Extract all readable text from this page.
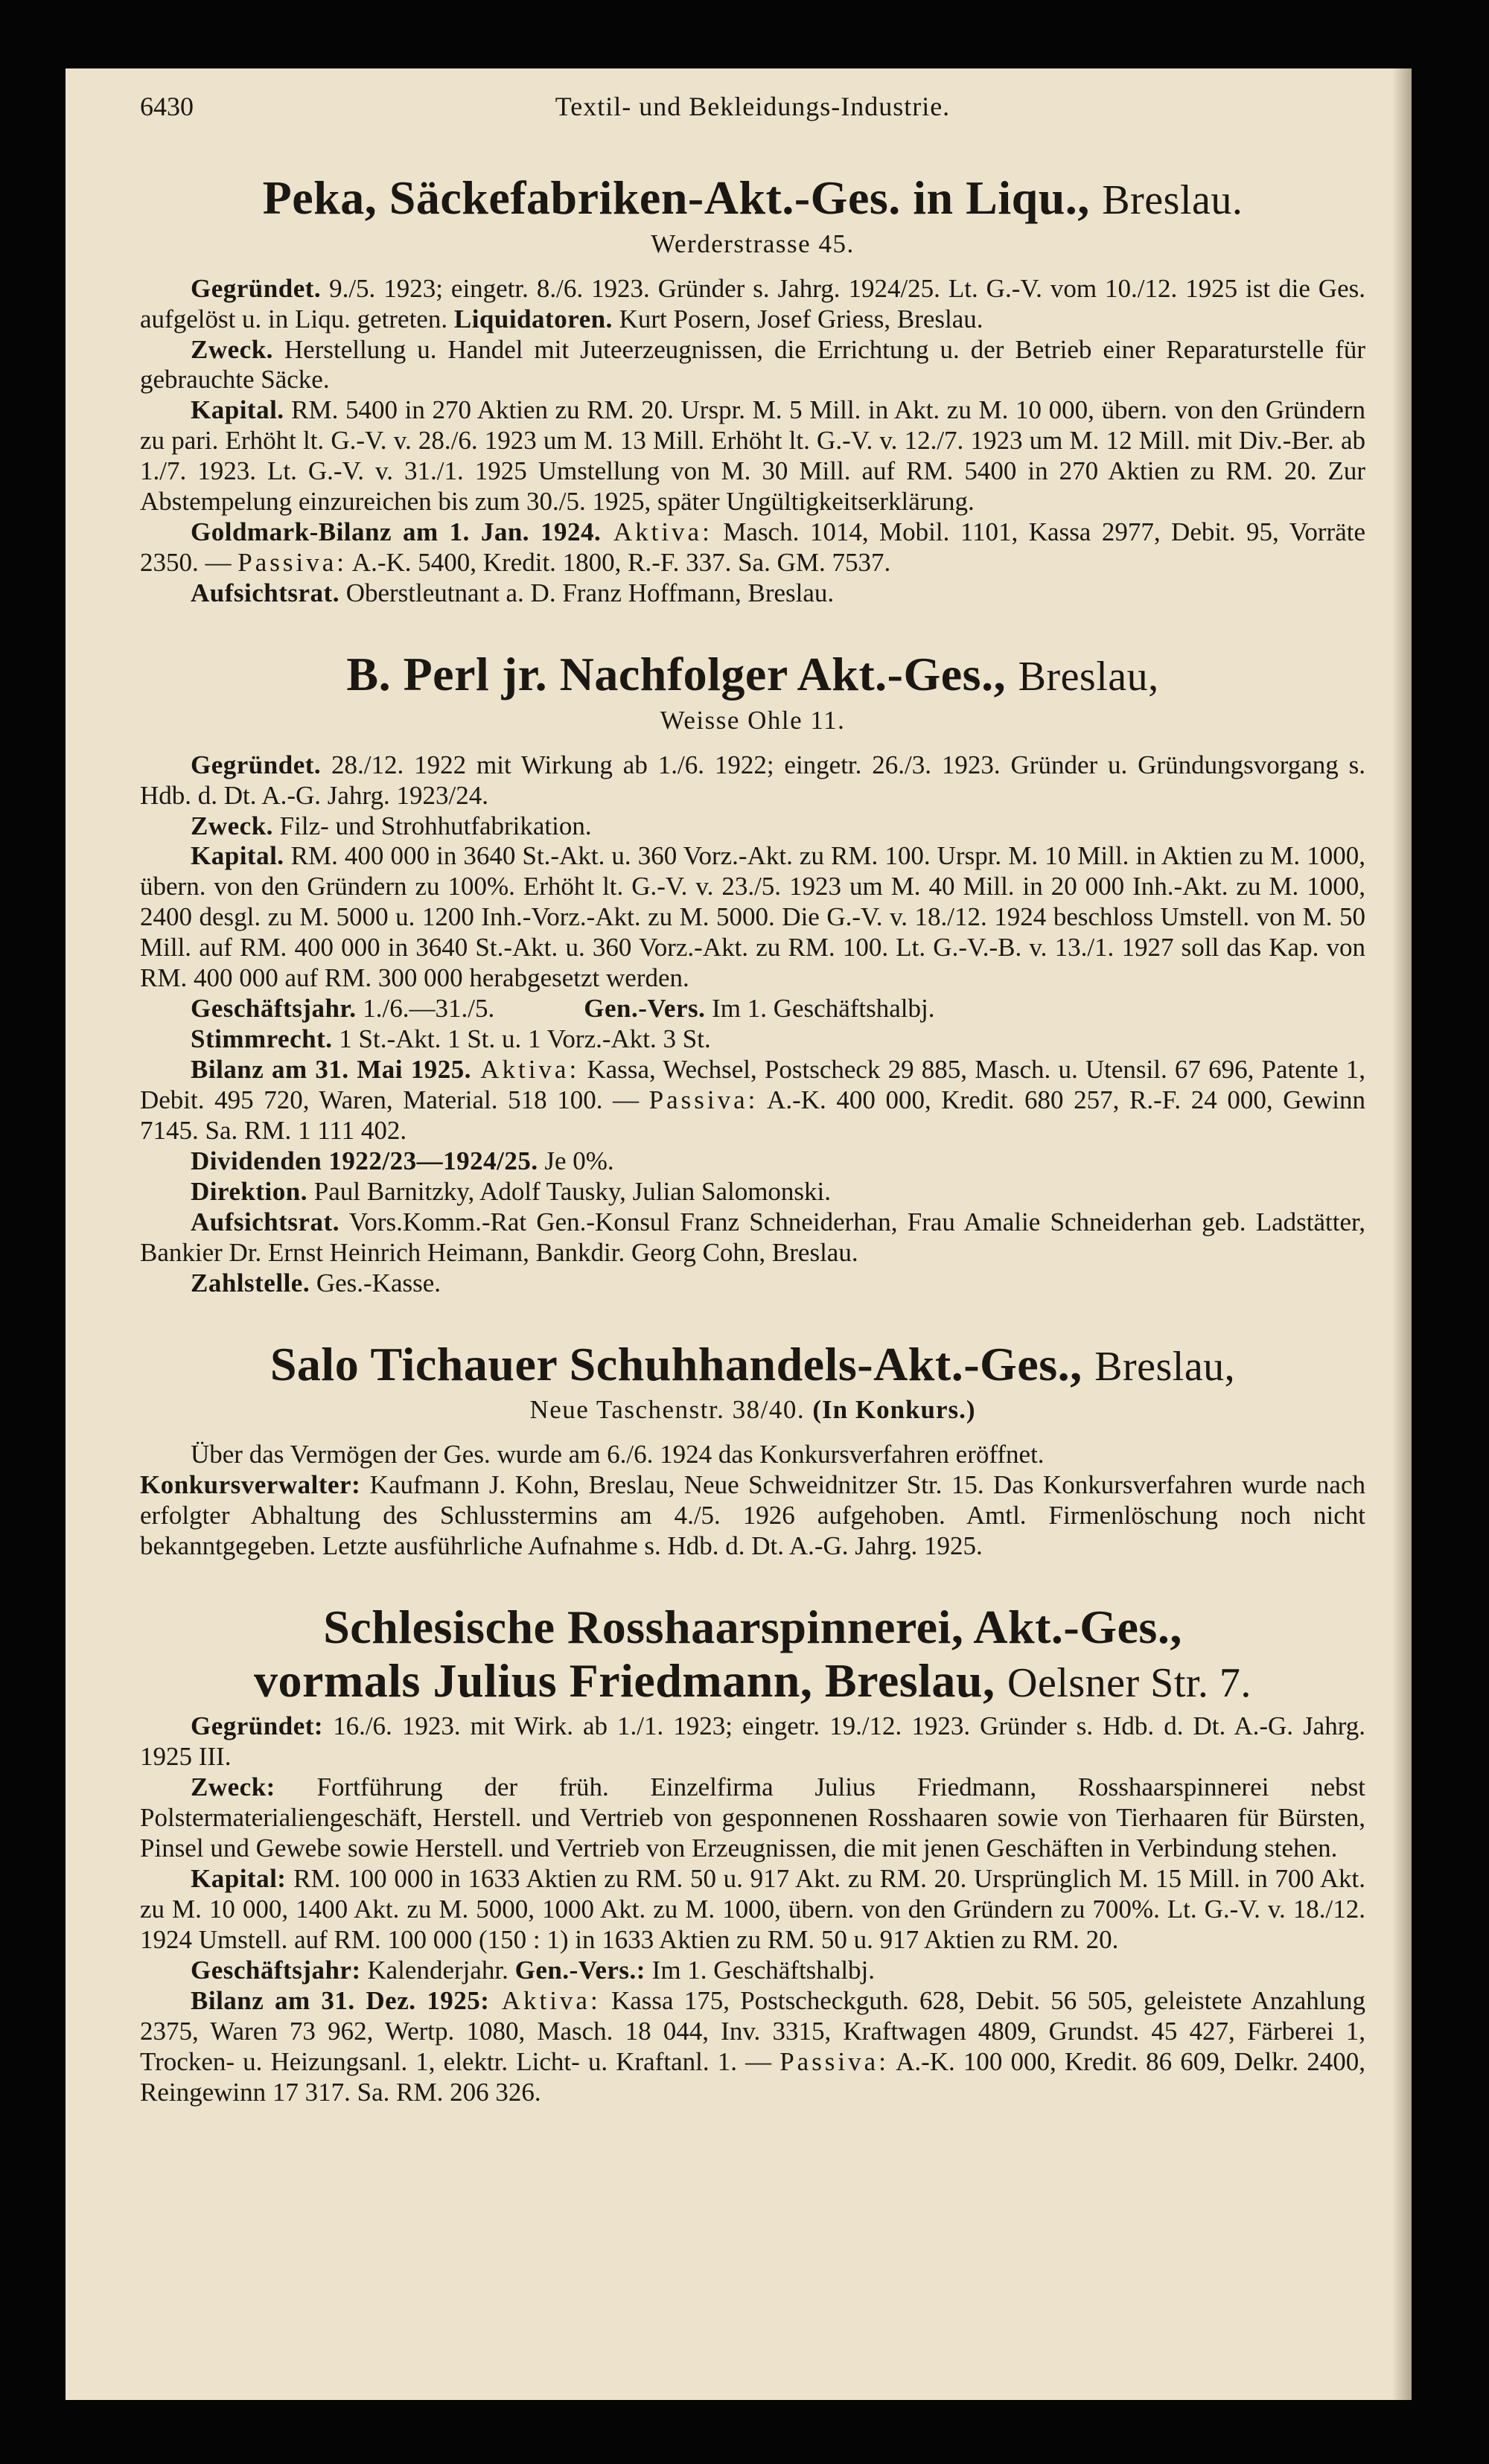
6430	Textil- und Bekleidungs-Industrie.
Peka, Säckefabriken-Akt.-Ges. in Liqu., Breslau.
Werderstrasse 45.

Gegründet. 9./5. 1923; eingetr. 8./6. 1923. Gründer s. Jahrg. 1924/25. Lt. G.-V. vom 10./12. 1925 ist die Ges. aufgelöst u. in Liqu. getreten. Liquidatoren. Kurt Posern, Josef Griess, Breslau.

Zweck. Herstellung u. Handel mit Juteerzeugnissen, die Errichtung u. der Betrieb einer Reparaturstelle für gebrauchte Säcke.

Kapital. RM. 5400 in 270 Aktien zu RM. 20. Urspr. M. 5 Mill. in Akt. zu M. 10 000, übern. von den Gründern zu pari. Erhöht lt. G.-V. v. 28./6. 1923 um M. 13 Mill. Erhöht lt. G.-V. v. 12./7. 1923 um M. 12 Mill. mit Div.-Ber. ab 1./7. 1923. Lt. G.-V. v. 31./1. 1925 Umstellung von M. 30 Mill. auf RM. 5400 in 270 Aktien zu RM. 20. Zur Abstempelung einzureichen bis zum 30./5. 1925, später Ungültigkeitserklärung.

Goldmark-Bilanz am 1. Jan. 1924. Aktiva: Masch. 1014, Mobil. 1101, Kassa 2977, Debit. 95, Vorräte 2350. — Passiva: A.-K. 5400, Kredit. 1800, R.-F. 337. Sa. GM. 7537.

Aufsichtsrat. Oberstleutnant a. D. Franz Hoffmann, Breslau.

B. Perl jr. Nachfolger Akt.-Ges., Breslau,
Weisse Ohle 11.

Gegründet. 28./12. 1922 mit Wirkung ab 1./6. 1922; eingetr. 26./3. 1923. Gründer u. Gründungsvorgang s. Hdb. d. Dt. A.-G. Jahrg. 1923/24.

Zweck. Filz- und Strohhutfabrikation.

Kapital. RM. 400 000 in 3640 St.-Akt. u. 360 Vorz.-Akt. zu RM. 100. Urspr. M. 10 Mill. in Aktien zu M. 1000, übern. von den Gründern zu 100%. Erhöht lt. G.-V. v. 23./5. 1923 um M. 40 Mill. in 20 000 Inh.-Akt. zu M. 1000, 2400 desgl. zu M. 5000 u. 1200 Inh.-Vorz.-Akt. zu M. 5000. Die G.-V. v. 18./12. 1924 beschloss Umstell. von M. 50 Mill. auf RM. 400 000 in 3640 St.-Akt. u. 360 Vorz.-Akt. zu RM. 100. Lt. G.-V.-B. v. 13./1. 1927 soll das Kap. von RM. 400 000 auf RM. 300 000 herabgesetzt werden.

Geschäftsjahr. 1./6.—31./5.	Gen.-Vers. Im 1. Geschäftshalbj.

Stimmrecht. 1 St.-Akt. 1 St. u. 1 Vorz.-Akt. 3 St.

Bilanz am 31. Mai 1925. Aktiva: Kassa, Wechsel, Postscheck 29 885, Masch. u. Utensil. 67 696, Patente 1, Debit. 495 720, Waren, Material. 518 100. — Passiva: A.-K. 400 000, Kredit. 680 257, R.-F. 24 000, Gewinn 7145. Sa. RM. 1 111 402.

Dividenden 1922/23—1924/25. Je 0%.

Direktion. Paul Barnitzky, Adolf Tausky, Julian Salomonski.

Aufsichtsrat. Vors.Komm.-Rat Gen.-Konsul Franz Schneiderhan, Frau Amalie Schneiderhan geb. Ladstätter, Bankier Dr. Ernst Heinrich Heimann, Bankdir. Georg Cohn, Breslau.

Zahlstelle. Ges.-Kasse.

Salo Tichauer Schuhhandels-Akt.-Ges., Breslau,
Neue Taschenstr. 38/40. (In Konkurs.)

Über das Vermögen der Ges. wurde am 6./6. 1924 das Konkursverfahren eröffnet.

Konkursverwalter: Kaufmann J. Kohn, Breslau, Neue Schweidnitzer Str. 15. Das Konkursverfahren wurde nach erfolgter Abhaltung des Schlusstermins am 4./5. 1926 aufgehoben. Amtl. Firmenlöschung noch nicht bekanntgegeben. Letzte ausführliche Aufnahme s. Hdb. d. Dt. A.-G. Jahrg. 1925.

Schlesische Rosshaarspinnerei, Akt.-Ges.,
vormals Julius Friedmann, Breslau, Oelsner Str. 7.

Gegründet: 16./6. 1923. mit Wirk. ab 1./1. 1923; eingetr. 19./12. 1923. Gründer s. Hdb. d. Dt. A.-G. Jahrg. 1925 III.

Zweck: Fortführung der früh. Einzelfirma Julius Friedmann, Rosshaarspinnerei nebst Polstermaterialiengeschäft, Herstell. und Vertrieb von gesponnenen Rosshaaren sowie von Tierhaaren für Bürsten, Pinsel und Gewebe sowie Herstell. und Vertrieb von Erzeugnissen, die mit jenen Geschäften in Verbindung stehen.

Kapital: RM. 100 000 in 1633 Aktien zu RM. 50 u. 917 Akt. zu RM. 20. Ursprünglich M. 15 Mill. in 700 Akt. zu M. 10 000, 1400 Akt. zu M. 5000, 1000 Akt. zu M. 1000, übern. von den Gründern zu 700%. Lt. G.-V. v. 18./12. 1924 Umstell. auf RM. 100 000 (150 : 1) in 1633 Aktien zu RM. 50 u. 917 Aktien zu RM. 20.

Geschäftsjahr: Kalenderjahr. Gen.-Vers.: Im 1. Geschäftshalbj.

Bilanz am 31. Dez. 1925: Aktiva: Kassa 175, Postscheckguth. 628, Debit. 56 505, geleistete Anzahlung 2375, Waren 73 962, Wertp. 1080, Masch. 18 044, Inv. 3315, Kraftwagen 4809, Grundst. 45 427, Färberei 1, Trocken- u. Heizungsanl. 1, elektr. Licht- u. Kraftanl. 1. — Passiva: A.-K. 100 000, Kredit. 86 609, Delkr. 2400, Reingewinn 17 317. Sa. RM. 206 326.
